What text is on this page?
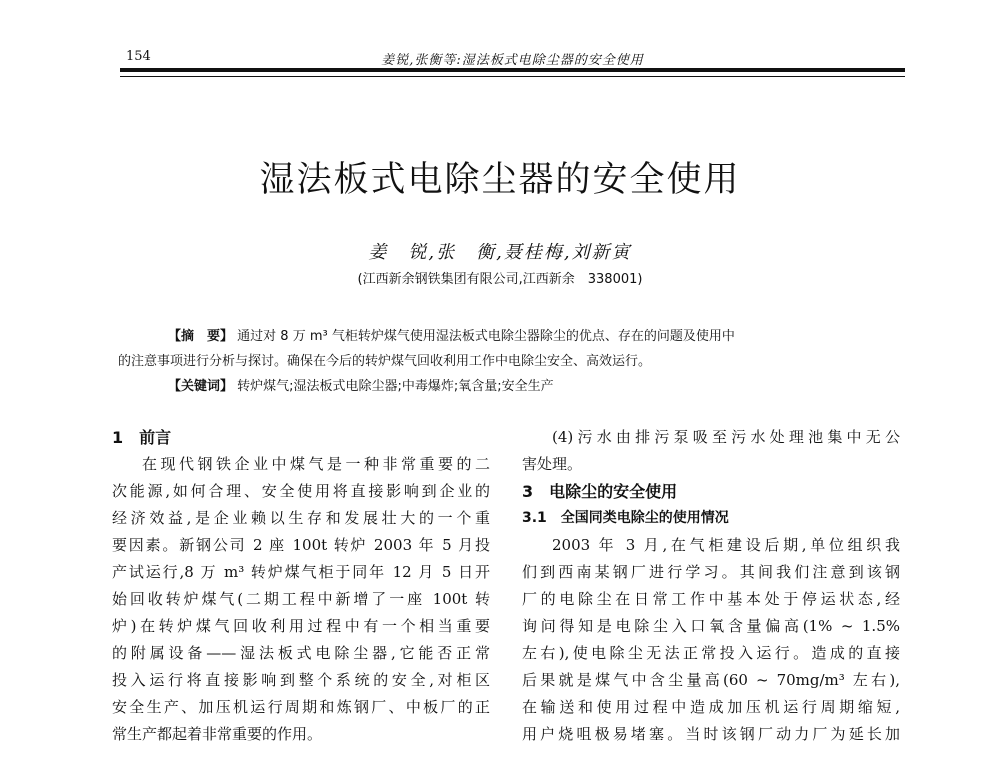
154	姜锐,张衡等:湿法板式电除尘器的安全使用
湿法板式电除尘器的安全使用
姜　锐,张　衡,聂桂梅,刘新寅
(江西新余钢铁集团有限公司,江西新余　338001)
【摘　要】 通过对 8 万 m³ 气柜转炉煤气使用湿法板式电除尘器除尘的优点、存在的问题及使用中
的注意事项进行分析与探讨。确保在今后的转炉煤气回收利用工作中电除尘安全、高效运行。
【关键词】 转炉煤气;湿法板式电除尘器;中毒爆炸;氧含量;安全生产
1　前言
在现代钢铁企业中煤气是一种非常重要的二
次能源,如何合理、安全使用将直接影响到企业的
经济效益,是企业赖以生存和发展壮大的一个重
要因素。新钢公司 2 座 100t 转炉 2003 年 5 月投
产试运行,8 万 m³ 转炉煤气柜于同年 12 月 5 日开
始回收转炉煤气(二期工程中新增了一座 100t 转
炉)在转炉煤气回收利用过程中有一个相当重要
的附属设备——湿法板式电除尘器,它能否正常
投入运行将直接影响到整个系统的安全,对柜区
安全生产、加压机运行周期和炼钢厂、中板厂的正
常生产都起着非常重要的作用。
(4)污水由排污泵吸至污水处理池集中无公
害处理。
3　电除尘的安全使用
3.1　全国同类电除尘的使用情况
2003 年 3 月,在气柜建设后期,单位组织我
们到西南某钢厂进行学习。其间我们注意到该钢
厂的电除尘在日常工作中基本处于停运状态,经
询问得知是电除尘入口氧含量偏高(1% ~ 1.5%
左右),使电除尘无法正常投入运行。造成的直接
后果就是煤气中含尘量高(60 ~ 70mg/m³ 左右),
在输送和使用过程中造成加压机运行周期缩短,
用户烧咀极易堵塞。当时该钢厂动力厂为延长加
